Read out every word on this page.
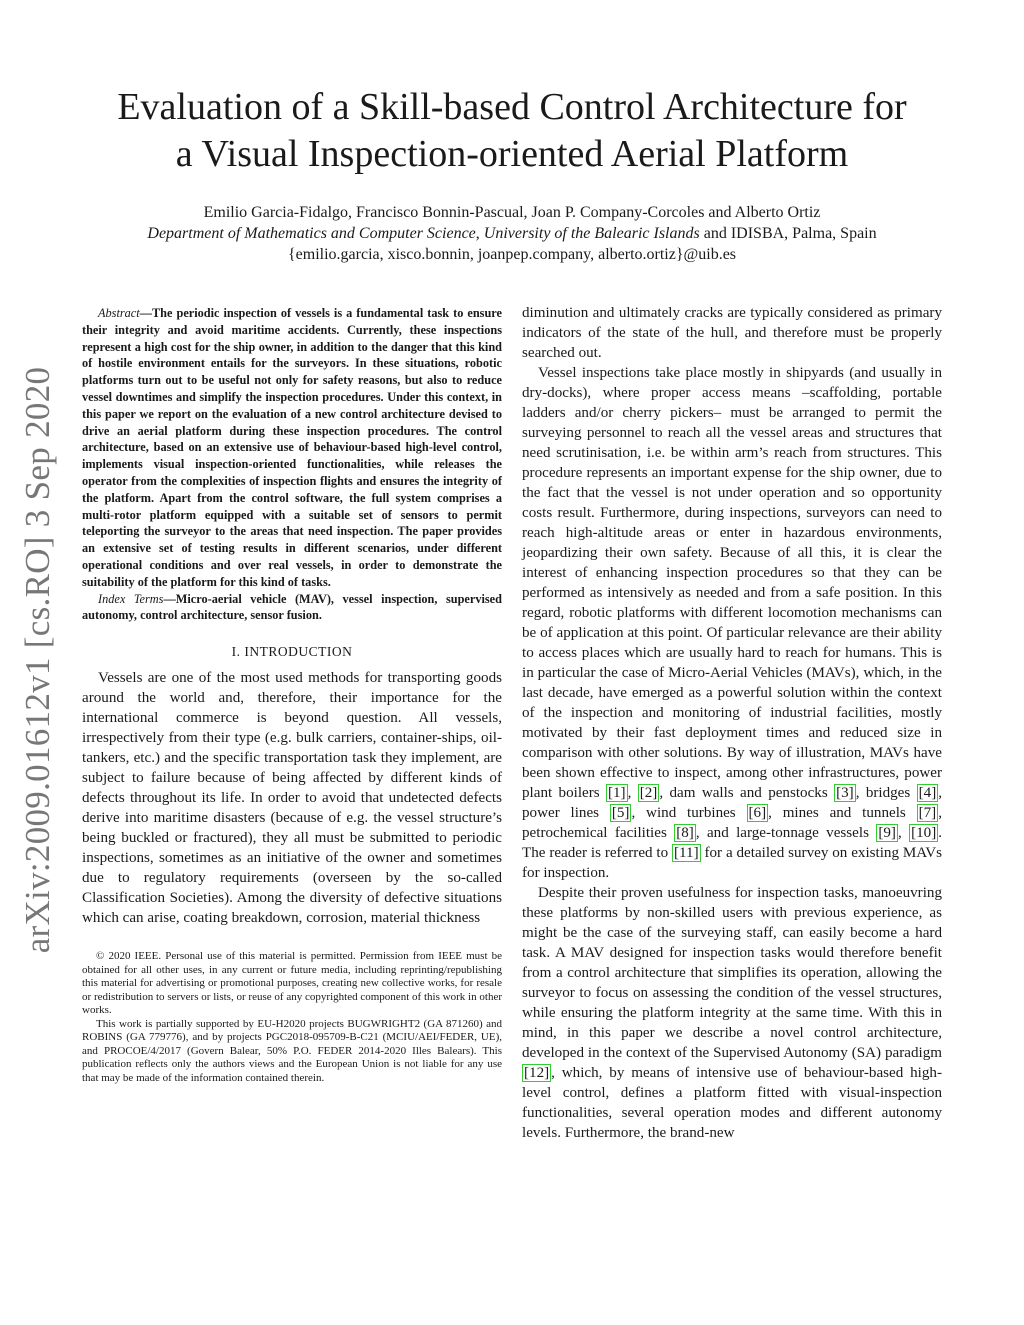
arXiv:2009.01612v1 [cs.RO] 3 Sep 2020
Evaluation of a Skill-based Control Architecture for
a Visual Inspection-oriented Aerial Platform
Emilio Garcia-Fidalgo, Francisco Bonnin-Pascual, Joan P. Company-Corcoles and Alberto Ortiz
Department of Mathematics and Computer Science, University of the Balearic Islands and IDISBA, Palma, Spain
{emilio.garcia, xisco.bonnin, joanpep.company, alberto.ortiz}@uib.es

Abstract—The periodic inspection of vessels is a fundamental task to ensure their integrity and avoid maritime accidents. Currently, these inspections represent a high cost for the ship owner, in addition to the danger that this kind of hostile environment entails for the surveyors. In these situations, robotic platforms turn out to be useful not only for safety reasons, but also to reduce vessel downtimes and simplify the inspection procedures. Under this context, in this paper we report on the evaluation of a new control architecture devised to drive an aerial platform during these inspection procedures. The control architecture, based on an extensive use of behaviour-based high-level control, implements visual inspection-oriented functionalities, while releases the operator from the complexities of inspection flights and ensures the integrity of the platform. Apart from the control software, the full system comprises a multi-rotor platform equipped with a suitable set of sensors to permit teleporting the surveyor to the areas that need inspection. The paper provides an extensive set of testing results in different scenarios, under different operational conditions and over real vessels, in order to demonstrate the suitability of the platform for this kind of tasks.

Index Terms—Micro-aerial vehicle (MAV), vessel inspection, supervised autonomy, control architecture, sensor fusion.

I. INTRODUCTION

Vessels are one of the most used methods for transporting goods around the world and, therefore, their importance for the international commerce is beyond question. All vessels, irrespectively from their type (e.g. bulk carriers, container-ships, oil-tankers, etc.) and the specific transportation task they implement, are subject to failure because of being affected by different kinds of defects throughout its life. In order to avoid that undetected defects derive into maritime disasters (because of e.g. the vessel structure’s being buckled or fractured), they all must be submitted to periodic inspections, sometimes as an initiative of the owner and sometimes due to regulatory requirements (overseen by the so-called Classification Societies). Among the diversity of defective situations which can arise, coating breakdown, corrosion, material thickness

© 2020 IEEE. Personal use of this material is permitted. Permission from IEEE must be obtained for all other uses, in any current or future media, including reprinting/republishing this material for advertising or promotional purposes, creating new collective works, for resale or redistribution to servers or lists, or reuse of any copyrighted component of this work in other works.

This work is partially supported by EU-H2020 projects BUGWRIGHT2 (GA 871260) and ROBINS (GA 779776), and by projects PGC2018-095709-B-C21 (MCIU/AEI/FEDER, UE), and PROCOE/4/2017 (Govern Balear, 50% P.O. FEDER 2014-2020 Illes Balears). This publication reflects only the authors views and the European Union is not liable for any use that may be made of the information contained therein.

diminution and ultimately cracks are typically considered as primary indicators of the state of the hull, and therefore must be properly searched out.

Vessel inspections take place mostly in shipyards (and usually in dry-docks), where proper access means –scaffolding, portable ladders and/or cherry pickers– must be arranged to permit the surveying personnel to reach all the vessel areas and structures that need scrutinisation, i.e. be within arm’s reach from structures. This procedure represents an important expense for the ship owner, due to the fact that the vessel is not under operation and so opportunity costs result. Furthermore, during inspections, surveyors can need to reach high-altitude areas or enter in hazardous environments, jeopardizing their own safety. Because of all this, it is clear the interest of enhancing inspection procedures so that they can be performed as intensively as needed and from a safe position. In this regard, robotic platforms with different locomotion mechanisms can be of application at this point. Of particular relevance are their ability to access places which are usually hard to reach for humans. This is in particular the case of Micro-Aerial Vehicles (MAVs), which, in the last decade, have emerged as a powerful solution within the context of the inspection and monitoring of industrial facilities, mostly motivated by their fast deployment times and reduced size in comparison with other solutions. By way of illustration, MAVs have been shown effective to inspect, among other infrastructures, power plant boilers [1] , [2] , dam walls and penstocks [3] , bridges [4] , power lines [5] , wind turbines [6] , mines and tunnels [7] , petrochemical facilities [8] , and large-tonnage vessels [9] , [10] . The reader is referred to [11] for a detailed survey on existing MAVs for inspection.

Despite their proven usefulness for inspection tasks, manoeuvring these platforms by non-skilled users with previous experience, as might be the case of the surveying staff, can easily become a hard task. A MAV designed for inspection tasks would therefore benefit from a control architecture that simplifies its operation, allowing the surveyor to focus on assessing the condition of the vessel structures, while ensuring the platform integrity at the same time. With this in mind, in this paper we describe a novel control architecture, developed in the context of the Supervised Autonomy (SA) paradigm [12] , which, by means of intensive use of behaviour-based high-level control, defines a platform fitted with visual-inspection functionalities, several operation modes and different autonomy levels. Furthermore, the brand-new
